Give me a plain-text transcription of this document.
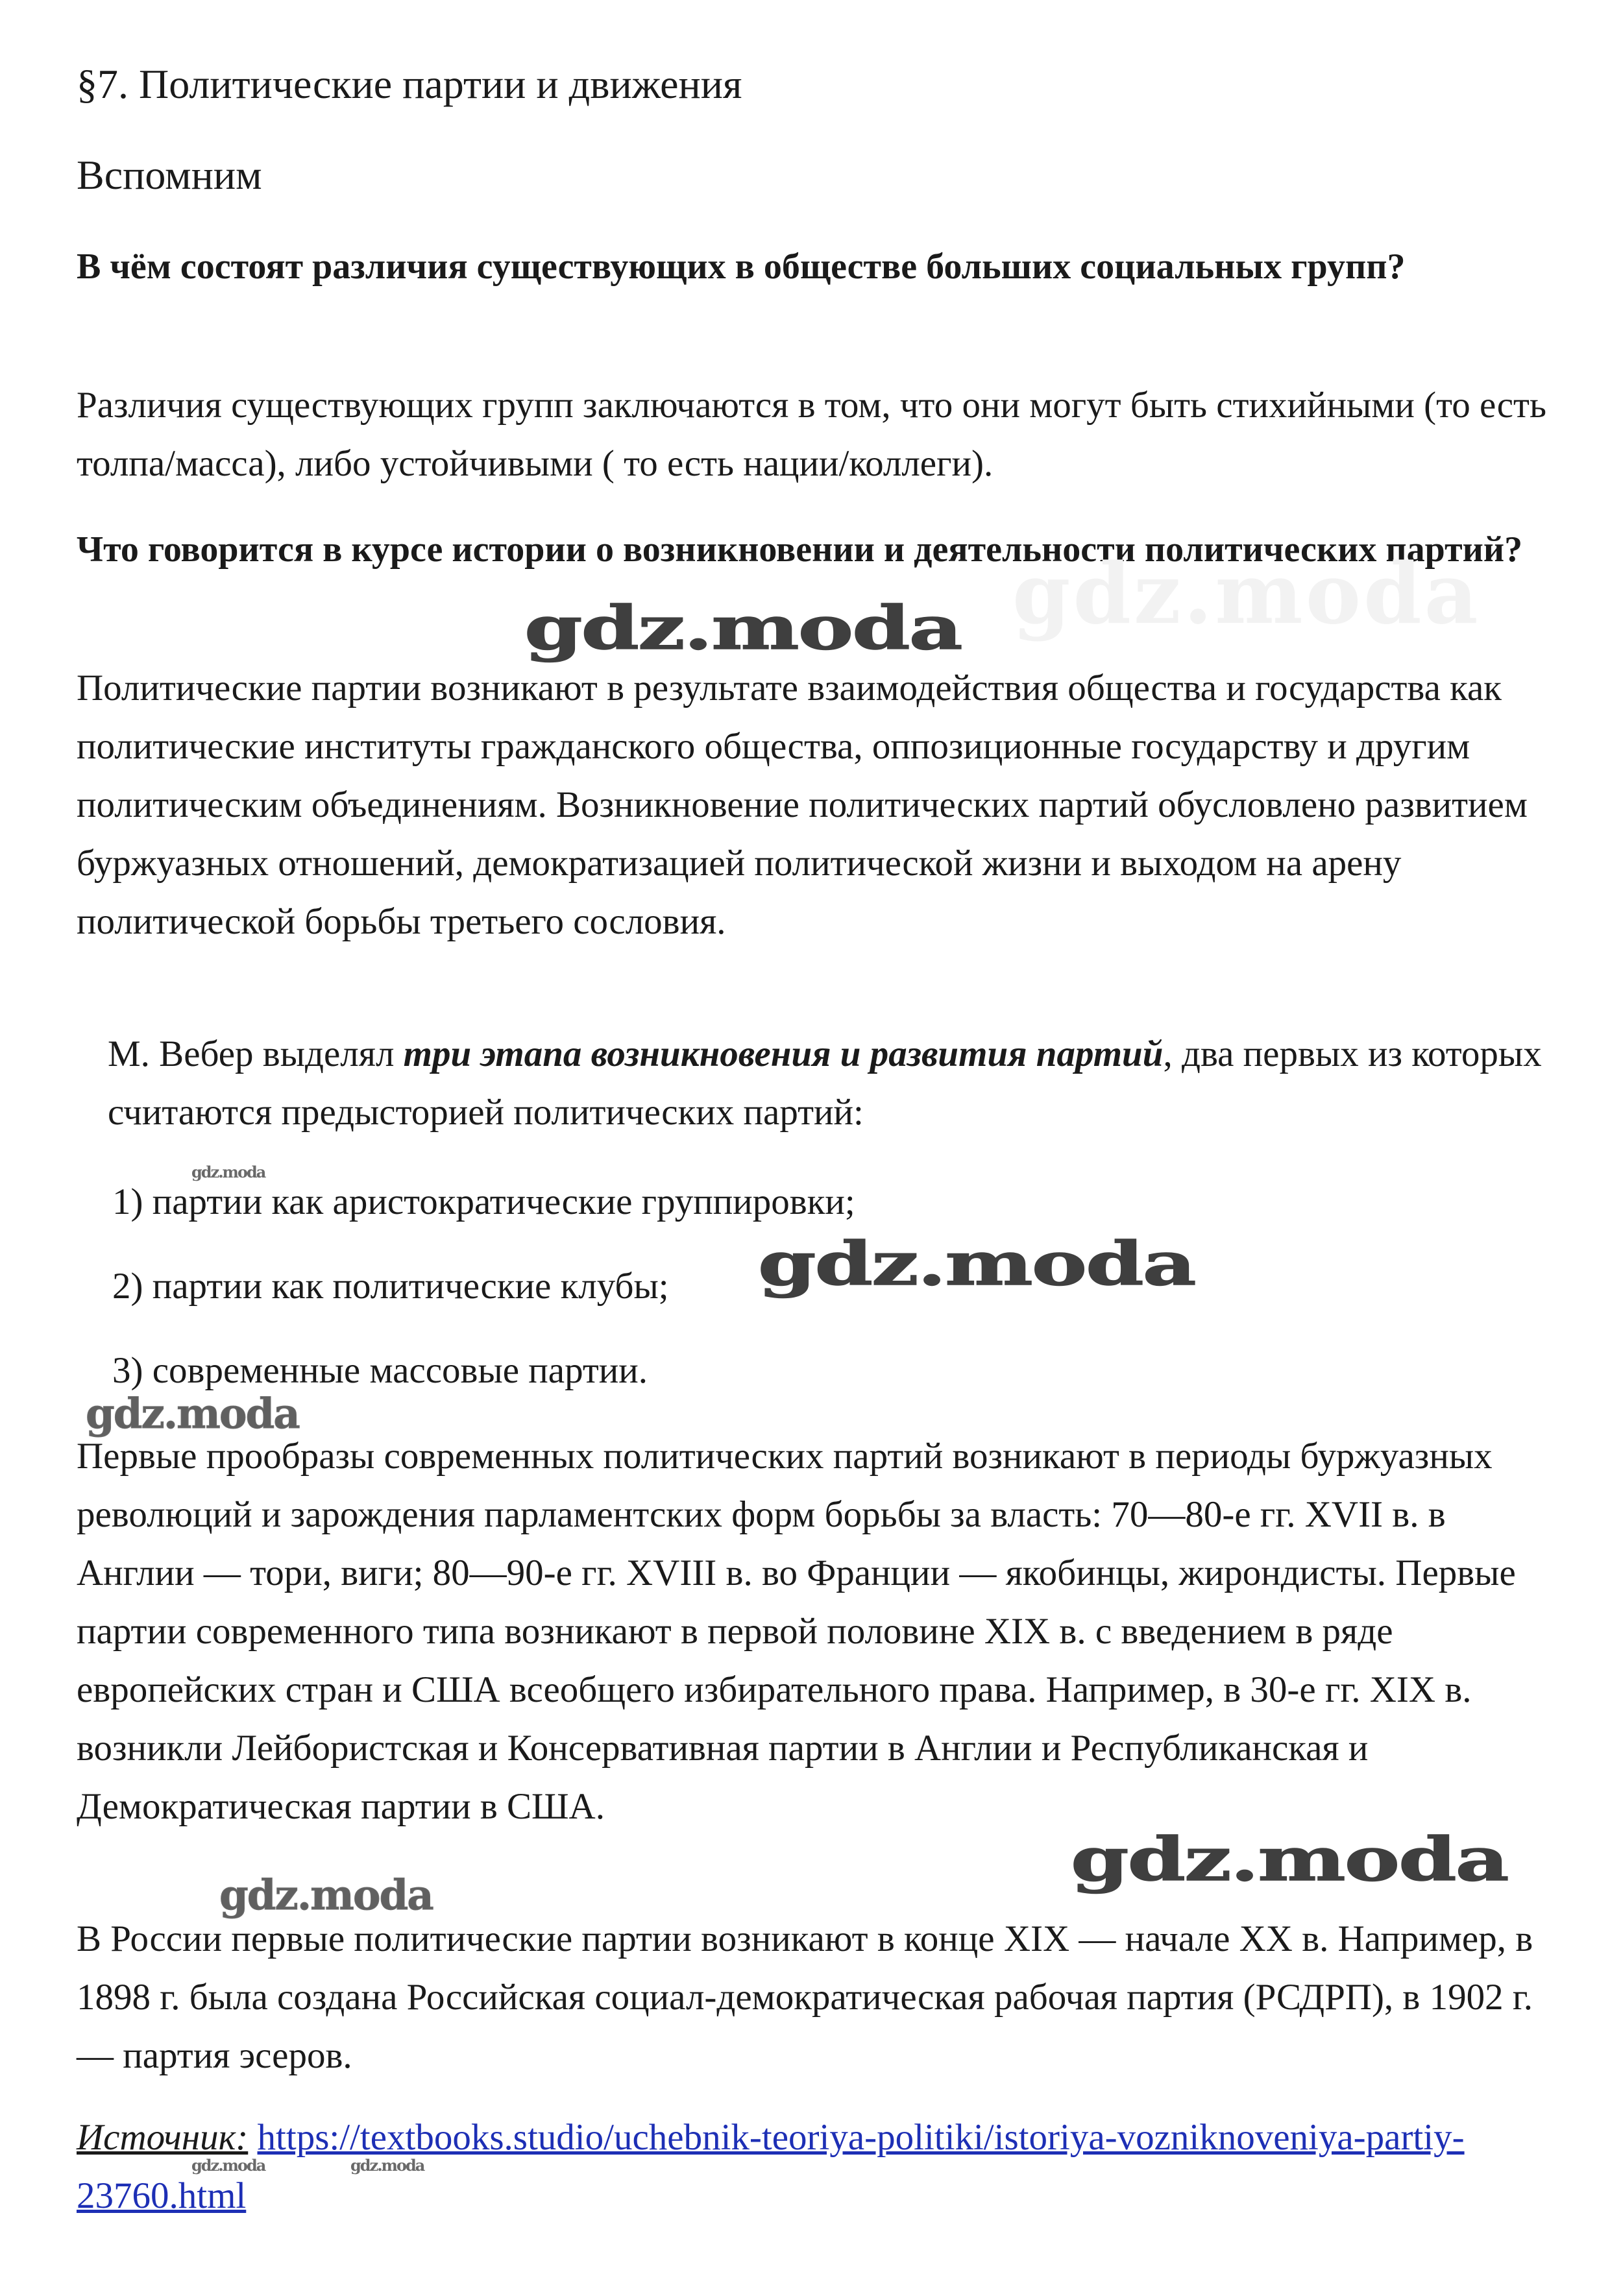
§7. Политические партии и движения
Вспомним
В чём состоят различия существующих в обществе больших социальных групп?
Различия существующих групп заключаются в том, что они могут быть стихийными (то есть толпа/масса), либо устойчивыми ( то есть нации/коллеги).
Что говорится в курсе истории о возникновении и деятельности политических партий?
Политические партии возникают в результате взаимодействия общества и государства как политические институты гражданского общества, оппозиционные государству и другим политическим объединениям. Возникновение политических партий обусловлено развитием буржуазных отношений, демократизацией политической жизни и выходом на арену политической борьбы третьего сословия.
М. Вебер выделял три этапа возникновения и развития партий, два первых из которых считаются предысторией политических партий:
1) партии как аристократические группировки;
2) партии как политические клубы;
3) современные массовые партии.
Первые прообразы современных политических партий возникают в периоды буржуазных революций и зарождения парламентских форм борьбы за власть: 70—80-е гг. XVII в. в Англии — тори, виги; 80—90-е гг. XVIII в. во Франции — якобинцы, жирондисты. Первые партии современного типа возникают в первой половине XIX в. с введением в ряде европейских стран и США всеобщего избирательного права. Например, в 30-е гг. XIX в. возникли Лейбористская и Консервативная партии в Англии и Республиканская и Демократическая партии в США.
В России первые политические партии возникают в конце XIX — начале XX в. Например, в 1898 г. была создана Российская социал-демократическая рабочая партия (РСДРП), в 1902 г. — партия эсеров.
Источник: https://textbooks.studio/uchebnik-teoriya-politiki/istoriya-vozniknoveniya-partiy-23760.html
gdz.moda
gdz.moda
gdz.moda
gdz.moda
gdz.moda
gdz.moda
gdz.moda
gdz.moda	gdz.moda
